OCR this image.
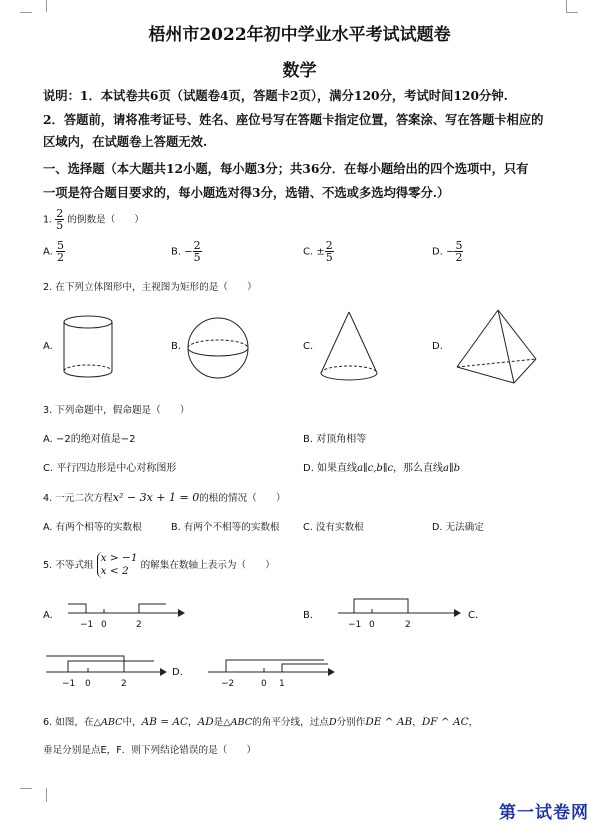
梧州市2022年初中学业水平考试试题卷
数学
说明：1．本试卷共6页（试题卷4页，答题卡2页），满分120分，考试时间120分钟.
2．答题前，请将准考证号、姓名、座位号写在答题卡指定位置，答案涂、写在答题卡相应的
区域内，在试题卷上答题无效.
一、选择题（本大题共12小题，每小题3分；共36分．在每小题给出的四个选项中，只有
一项是符合题目要求的，每小题选对得3分，选错、不选或多选均得零分.）
1. $\frac{2}{5}$ 的倒数是（　　）
A. $\frac{5}{2}$	B. − $\frac{2}{5}$	C. ± $\frac{2}{5}$	D. − $\frac{5}{2}$
2. 在下列立体图形中，主视图为矩形的是（　　）
A.	B.	C.	D.
3. 下列命题中，假命题是（　　）
A. −2的绝对值是−2	B. 对顶角相等
C. 平行四边形是中心对称图形	D. 如果直线a∥c,b∥c，那么直线a∥b
4. 一元二次方程x² − 3x + 1 = 0的根的情况（　　）
A. 有两个相等的实数根	B. 有两个不相等的实数根 C. 没有实数根	D. 无法确定
5. 不等式组
x > −1
x < 2	的解集在数轴上表示为（　　）
A.
−1 0	2
B.
−1 0	2
C.
−1 0	2
D.
−2	0 1
6. 如图，在△ABC中，AB = AC，AD是△ABC的角平分线，过点D分别作DE ^ AB，DF ^ AC，
垂足分别是点E，F．则下列结论错误的是（　　）
第一试卷网
